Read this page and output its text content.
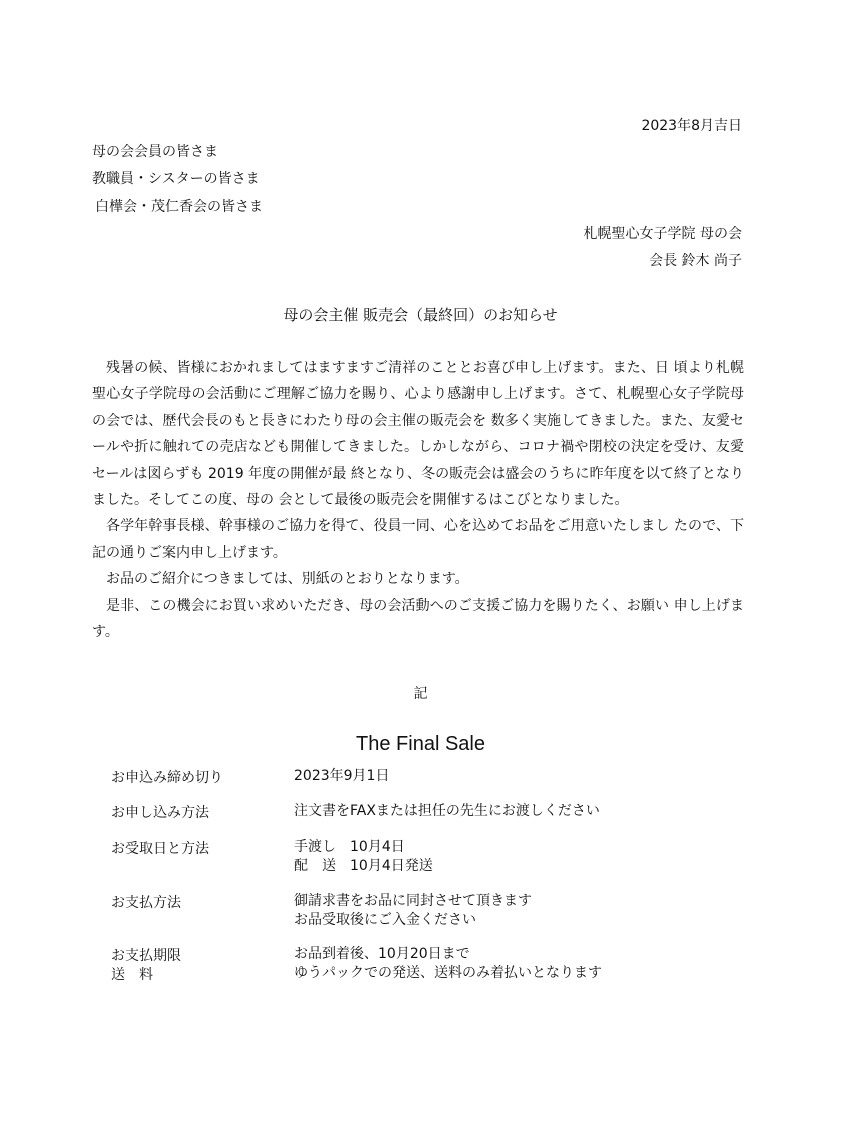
2023年8月吉日
母の会会員の皆さま
教職員・シスターの皆さま
白樺会・茂仁香会の皆さま
札幌聖心女子学院 母の会
会長 鈴木 尚子
母の会主催 販売会（最終回）のお知らせ

残暑の候、皆様におかれましてはますますご清祥のこととお喜び申し上げます。また、日 頃より札幌聖心女子学院母の会活動にご理解ご協力を賜り、心より感謝申し上げます。さて、札幌聖心女子学院母の会では、歴代会長のもと長きにわたり母の会主催の販売会を 数多く実施してきました。また、友愛セールや折に触れての売店なども開催してきました。しかしながら、コロナ禍や閉校の決定を受け、友愛セールは図らずも 2019 年度の開催が最 終となり、冬の販売会は盛会のうちに昨年度を以て終了となりました。そしてこの度、母の 会として最後の販売会を開催するはこびとなりました。

各学年幹事長様、幹事様のご協力を得て、役員一同、心を込めてお品をご用意いたしまし たので、下記の通りご案内申し上げます。

お品のご紹介につきましては、別紙のとおりとなります。

是非、この機会にお買い求めいただき、母の会活動へのご支援ご協力を賜りたく、お願い 申し上げます。

記
The Final Sale
お申込み締め切り	2023年9月1日
お申し込み方法	注文書をFAXまたは担任の先生にお渡しください
お受取日と方法	手渡し　10月4日
配　送　10月4日発送
お支払方法	御請求書をお品に同封させて頂きます
お品受取後にご入金ください
お支払期限	お品到着後、10月20日まで
送　料	ゆうパックでの発送、送料のみ着払いとなります
